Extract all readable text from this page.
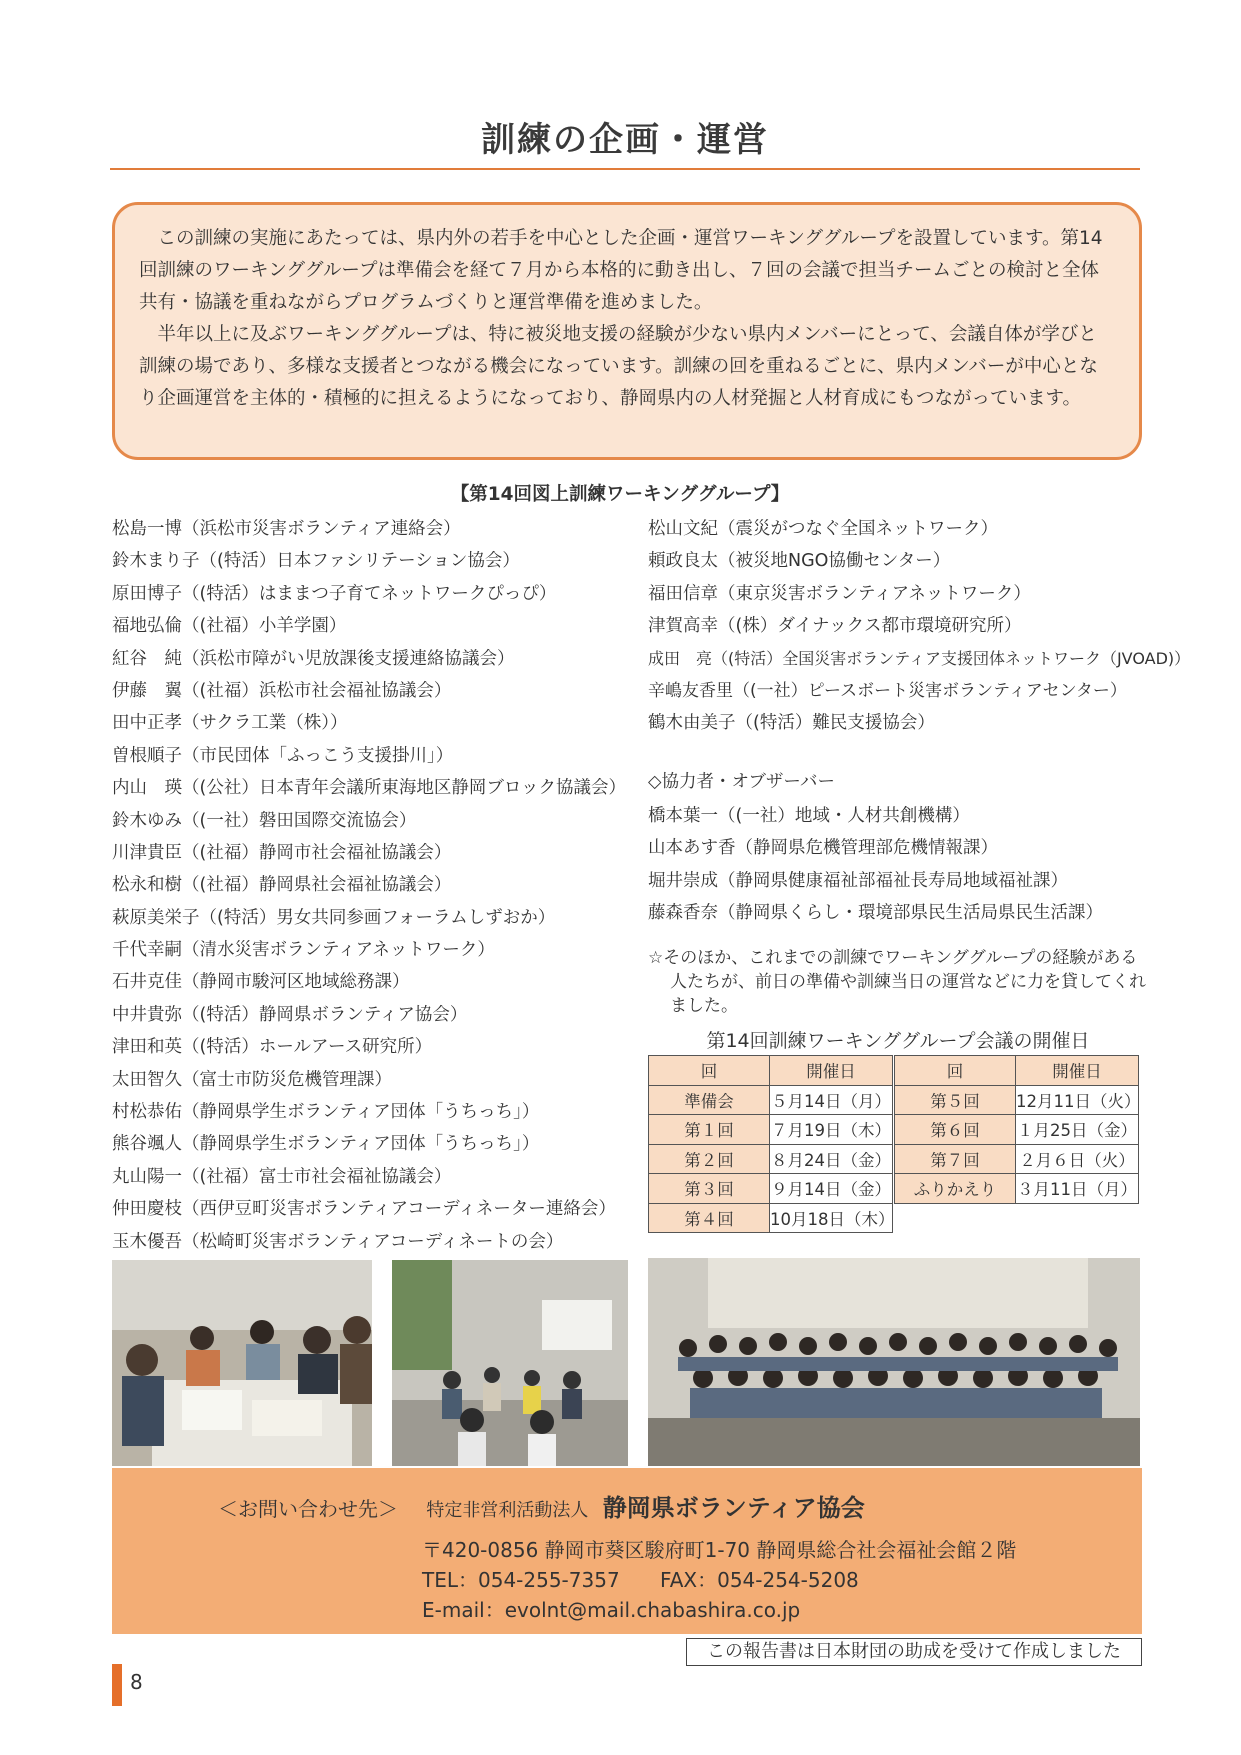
訓練の企画・運営

この訓練の実施にあたっては、県内外の若手を中心とした企画・運営ワーキンググループを設置しています。第14回訓練のワーキンググループは準備会を経て７月から本格的に動き出し、７回の会議で担当チームごとの検討と全体共有・協議を重ねながらプログラムづくりと運営準備を進めました。

半年以上に及ぶワーキンググループは、特に被災地支援の経験が少ない県内メンバーにとって、会議自体が学びと訓練の場であり、多様な支援者とつながる機会になっています。訓練の回を重ねるごとに、県内メンバーが中心となり企画運営を主体的・積極的に担えるようになっており、静岡県内の人材発掘と人材育成にもつながっています。

【第14回図上訓練ワーキンググループ】
松島一博（浜松市災害ボランティア連絡会）
鈴木まり子（(特活）日本ファシリテーション協会）
原田博子（(特活）はままつ子育てネットワークぴっぴ）
福地弘倫（(社福）小羊学園）
紅谷　純（浜松市障がい児放課後支援連絡協議会）
伊藤　翼（(社福）浜松市社会福祉協議会）
田中正孝（サクラ工業（株））
曽根順子（市民団体「ふっこう支援掛川」）
内山　瑛（(公社）日本青年会議所東海地区静岡ブロック協議会）
鈴木ゆみ（(一社）磐田国際交流協会）
川津貴臣（(社福）静岡市社会福祉協議会）
松永和樹（(社福）静岡県社会福祉協議会）
萩原美栄子（(特活）男女共同参画フォーラムしずおか）
千代幸嗣（清水災害ボランティアネットワーク）
石井克佳（静岡市駿河区地域総務課）
中井貴弥（(特活）静岡県ボランティア協会）
津田和英（(特活）ホールアース研究所）
太田智久（富士市防災危機管理課）
村松恭佑（静岡県学生ボランティア団体「うちっち」）
熊谷颯人（静岡県学生ボランティア団体「うちっち」）
丸山陽一（(社福）富士市社会福祉協議会）
仲田慶枝（西伊豆町災害ボランティアコーディネーター連絡会）
玉木優吾（松崎町災害ボランティアコーディネートの会）
松山文紀（震災がつなぐ全国ネットワーク）
頼政良太（被災地NGO協働センター）
福田信章（東京災害ボランティアネットワーク）
津賀高幸（(株）ダイナックス都市環境研究所）
成田　亮（(特活）全国災害ボランティア支援団体ネットワーク（JVOAD)）
辛嶋友香里（(一社）ピースボート災害ボランティアセンター）
鶴木由美子（(特活）難民支援協会）
◇協力者・オブザーバー
橋本葉一（(一社）地域・人材共創機構）
山本あす香（静岡県危機管理部危機情報課）
堀井崇成（静岡県健康福祉部福祉長寿局地域福祉課）
藤森香奈（静岡県くらし・環境部県民生活局県民生活課）
☆そのほか、これまでの訓練でワーキンググループの経験がある人たちが、前日の準備や訓練当日の運営などに力を貸してくれました。
第14回訓練ワーキンググループ会議の開催日
回	開催日
準備会	５月14日（月）
第１回	７月19日（木）
第２回	８月24日（金）
第３回	９月14日（金）
第４回	10月18日（木）
回	開催日
第５回	12月11日（火）
第６回	１月25日（金）
第７回	２月６日（火）
ふりかえり	３月11日（月）
＜お問い合わせ先＞ 特定非営利活動法人 静岡県ボランティア協会
〒420-0856 静岡市葵区駿府町1-70 静岡県総合社会福祉会館２階
TEL：054-255-7357 FAX：054-254-5208
E-mail：evolnt@mail.chabashira.co.jp
この報告書は日本財団の助成を受けて作成しました
8
